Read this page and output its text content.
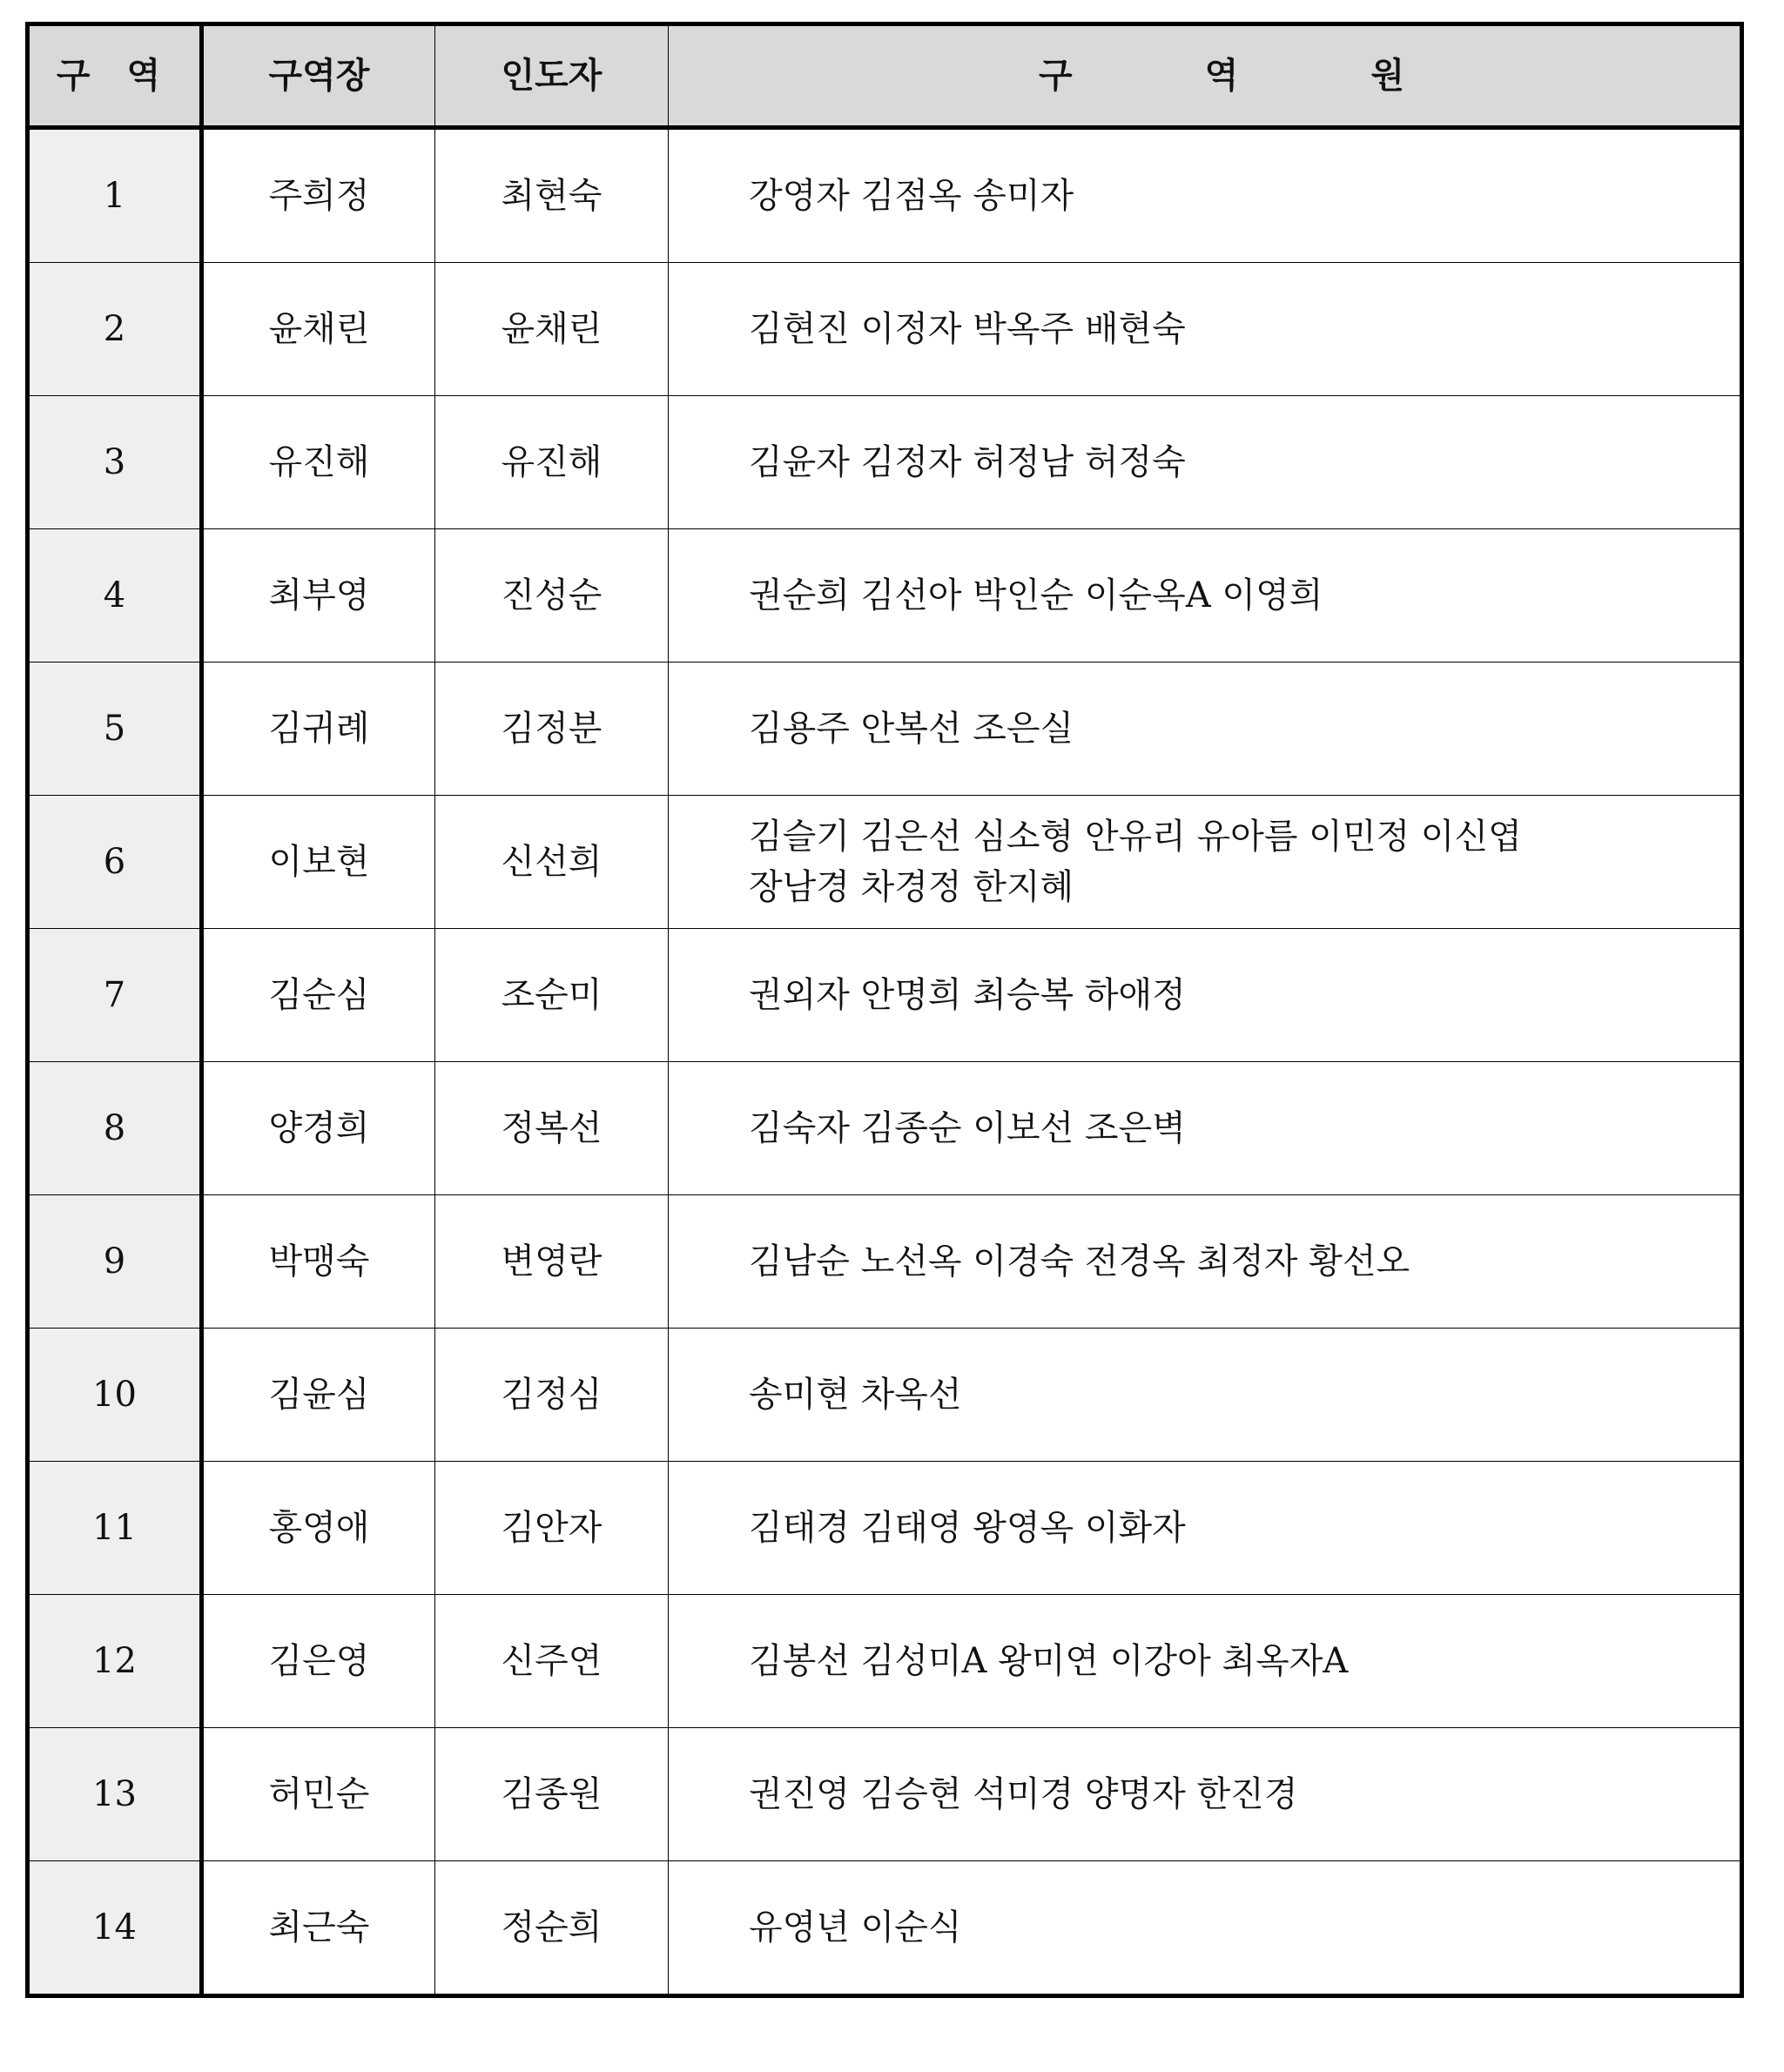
구 역	구역장	인도자	구 역 원

1	주희정	최현숙	강영자 김점옥 송미자
2	윤채린	윤채린	김현진 이정자 박옥주 배현숙
3	유진해	유진해	김윤자 김정자 허정남 허정숙
4	최부영	진성순	권순희 김선아 박인순 이순옥A 이영희
5	김귀례	김정분	김용주 안복선 조은실
6	이보현	신선희	김슬기 김은선 심소형 안유리 유아름 이민정 이신엽
장남경 차경정 한지혜
7	김순심	조순미	권외자 안명희 최승복 하애정
8	양경희	정복선	김숙자 김종순 이보선 조은벽
9	박맹숙	변영란	김남순 노선옥 이경숙 전경옥 최정자 황선오
10	김윤심	김정심	송미현 차옥선
11	홍영애	김안자	김태경 김태영 왕영옥 이화자
12	김은영	신주연	김봉선 김성미A 왕미연 이강아 최옥자A
13	허민순	김종원	권진영 김승현 석미경 양명자 한진경
14	최근숙	정순희	유영년 이순식
